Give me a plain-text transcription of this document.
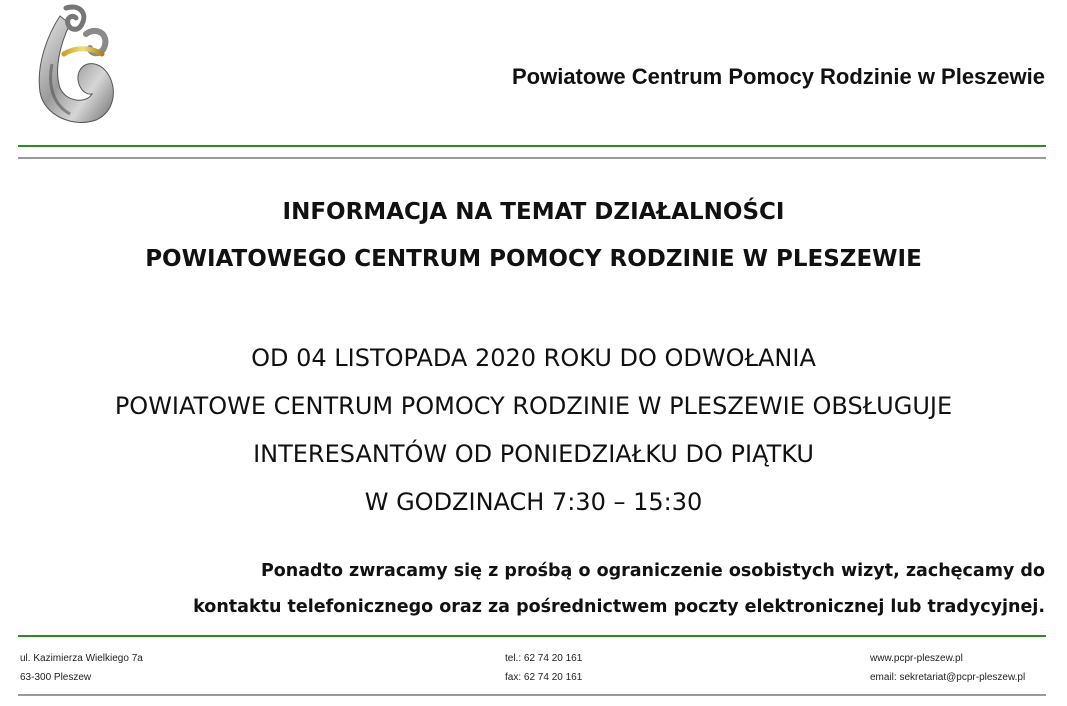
Powiatowe Centrum Pomocy Rodzinie w Pleszewie
INFORMACJA NA TEMAT DZIAŁALNOŚCI
POWIATOWEGO CENTRUM POMOCY RODZINIE W PLESZEWIE
OD 04 LISTOPADA 2020 ROKU DO ODWOŁANIA
POWIATOWE CENTRUM POMOCY RODZINIE W PLESZEWIE OBSŁUGUJE
INTERESANTÓW OD PONIEDZIAŁKU DO PIĄTKU
W GODZINACH 7:30 – 15:30
Ponadto zwracamy się z prośbą o ograniczenie osobistych wizyt, zachęcamy do
kontaktu telefonicznego oraz za pośrednictwem poczty elektronicznej lub tradycyjnej.
ul. Kazimierza Wielkiego 7a
63-300 Pleszew
tel.: 62 74 20 161
fax: 62 74 20 161
www.pcpr-pleszew.pl
email: sekretariat@pcpr-pleszew.pl
